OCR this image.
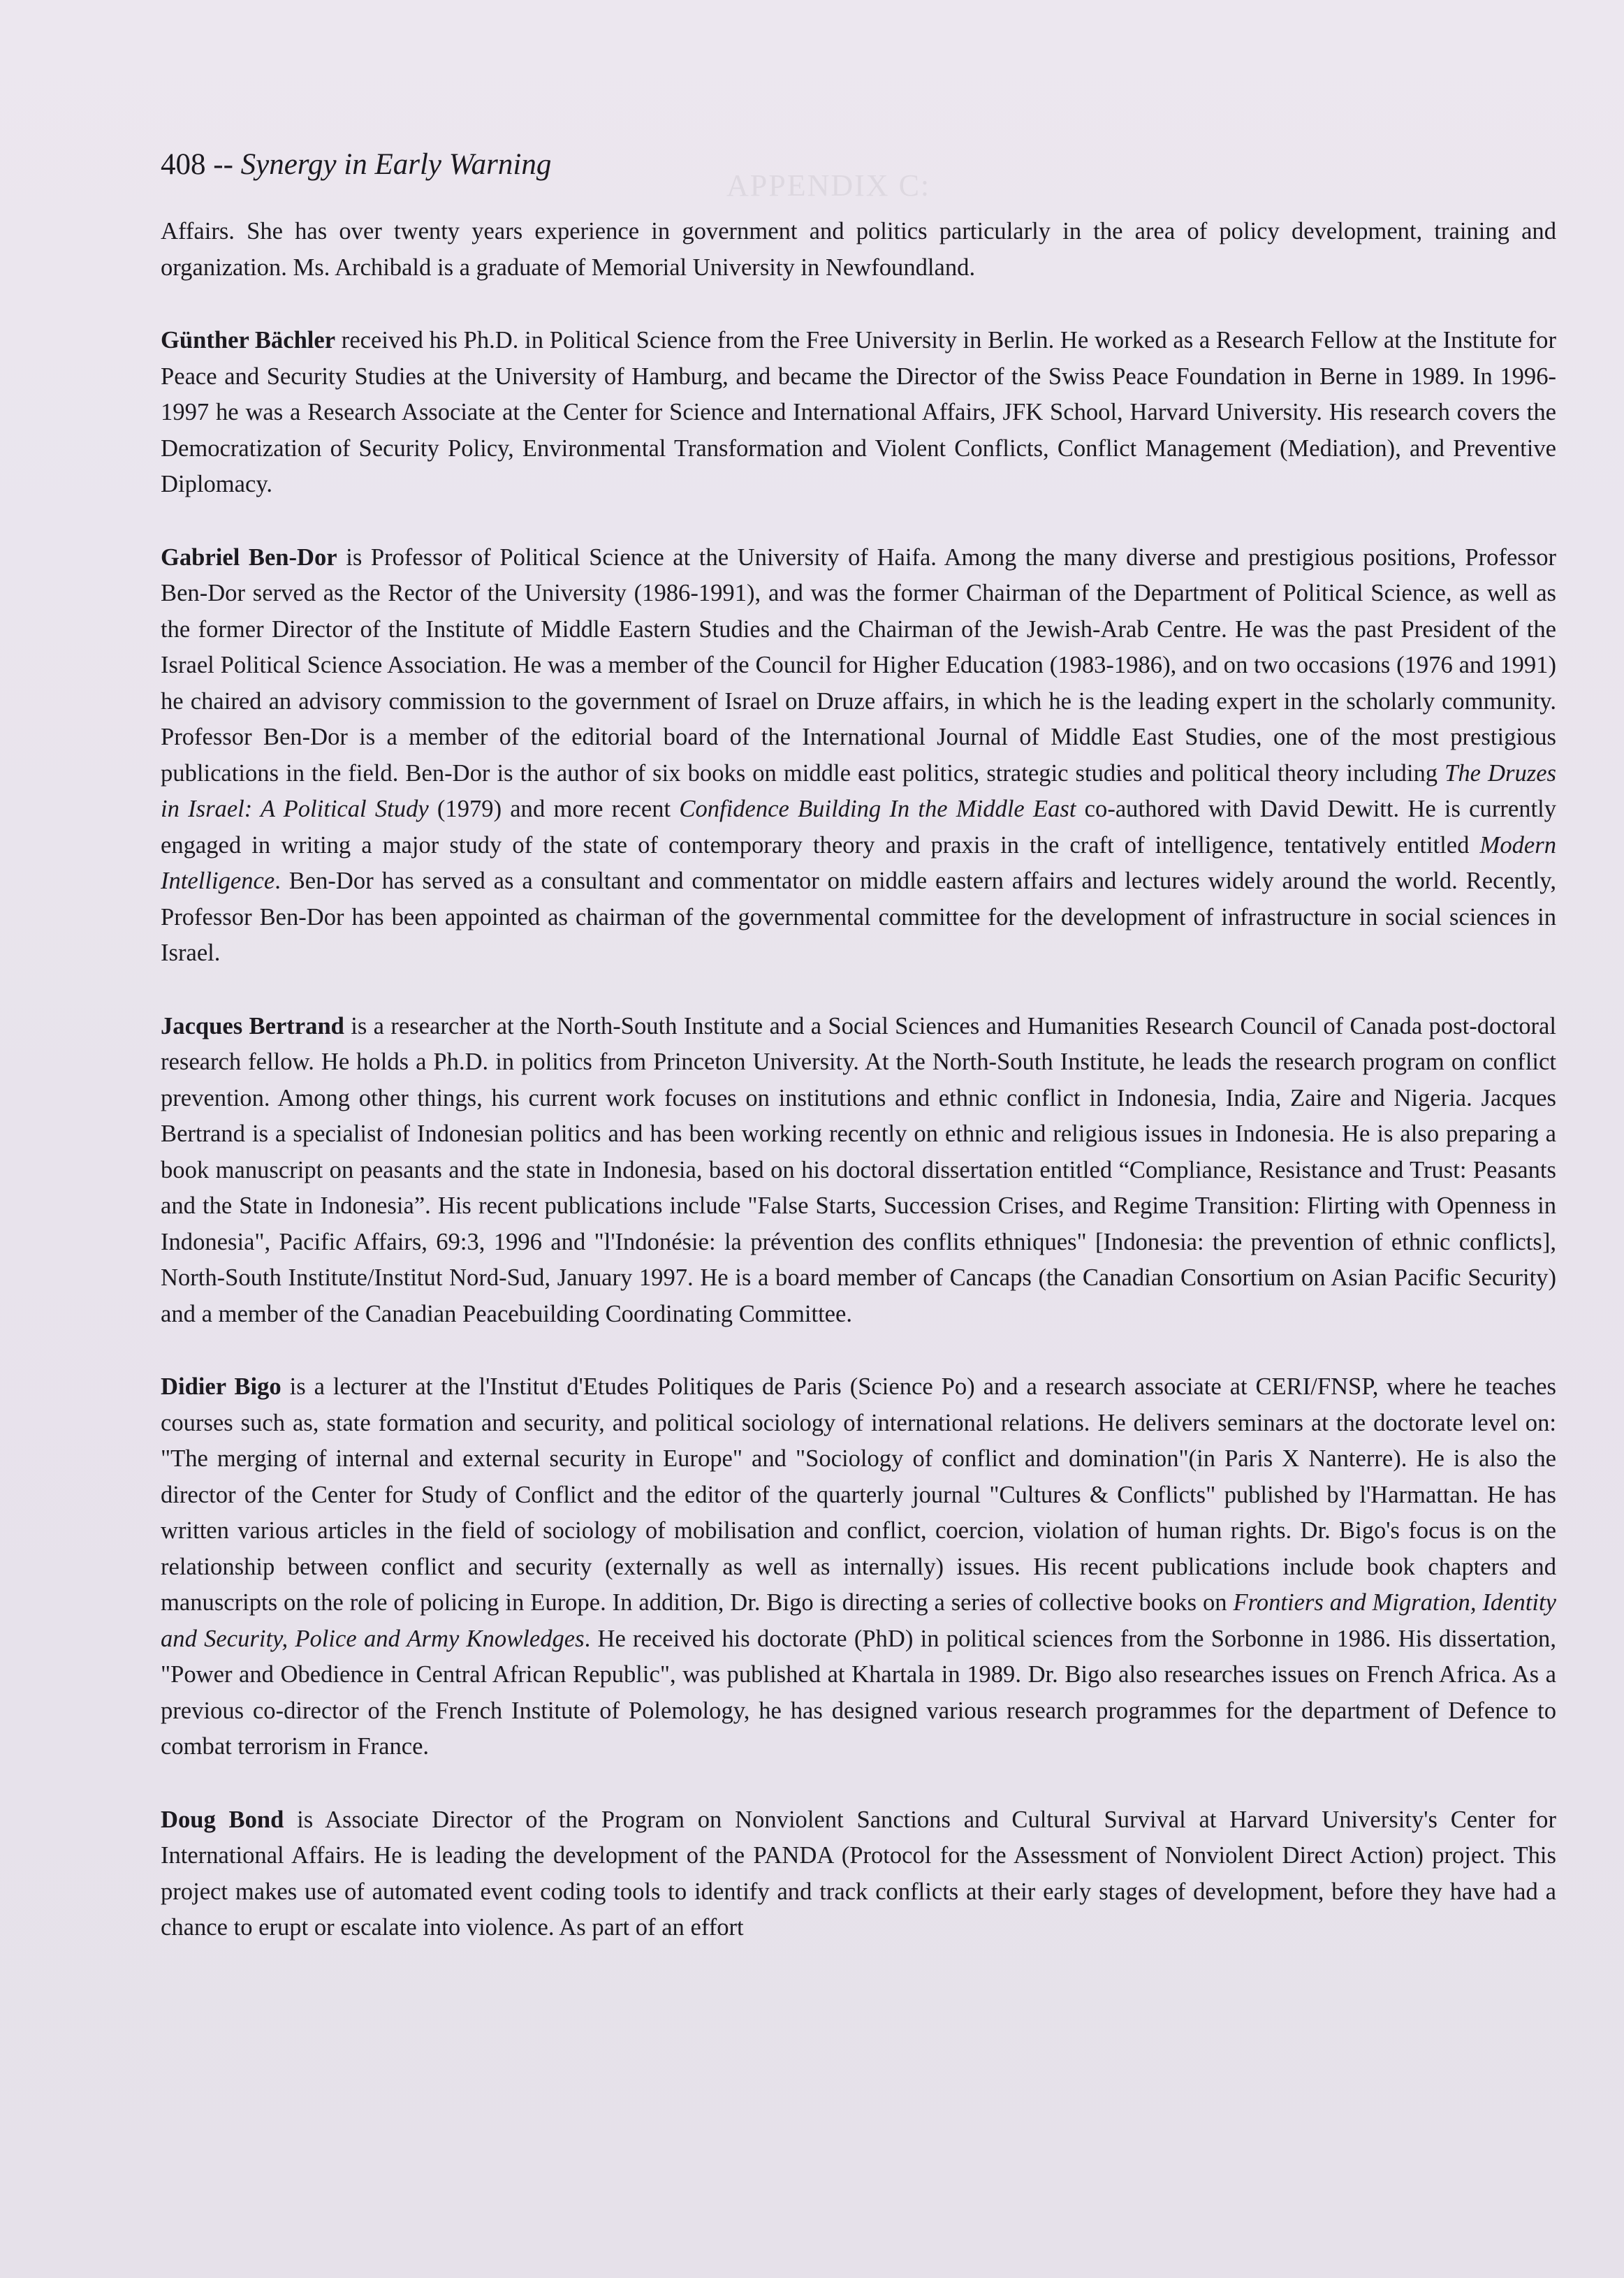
APPENDIX C:
408 -- Synergy in Early Warning

Affairs. She has over twenty years experience in government and politics particularly in the area of policy development, training and organization. Ms. Archibald is a graduate of Memorial University in Newfoundland.

Günther Bächler received his Ph.D. in Political Science from the Free University in Berlin. He worked as a Research Fellow at the Institute for Peace and Security Studies at the University of Hamburg, and became the Director of the Swiss Peace Foundation in Berne in 1989. In 1996-1997 he was a Research Associate at the Center for Science and International Affairs, JFK School, Harvard University. His research covers the Democratization of Security Policy, Environmental Transformation and Violent Conflicts, Conflict Management (Mediation), and Preventive Diplomacy.

Gabriel Ben-Dor is Professor of Political Science at the University of Haifa. Among the many diverse and prestigious positions, Professor Ben-Dor served as the Rector of the University (1986-1991), and was the former Chairman of the Department of Political Science, as well as the former Director of the Institute of Middle Eastern Studies and the Chairman of the Jewish-Arab Centre. He was the past President of the Israel Political Science Association. He was a member of the Council for Higher Education (1983-1986), and on two occasions (1976 and 1991) he chaired an advisory commission to the government of Israel on Druze affairs, in which he is the leading expert in the scholarly community. Professor Ben-Dor is a member of the editorial board of the International Journal of Middle East Studies, one of the most prestigious publications in the field. Ben-Dor is the author of six books on middle east politics, strategic studies and political theory including The Druzes in Israel: A Political Study (1979) and more recent Confidence Building In the Middle East co-authored with David Dewitt. He is currently engaged in writing a major study of the state of contemporary theory and praxis in the craft of intelligence, tentatively entitled Modern Intelligence. Ben-Dor has served as a consultant and commentator on middle eastern affairs and lectures widely around the world. Recently, Professor Ben-Dor has been appointed as chairman of the governmental committee for the development of infrastructure in social sciences in Israel.

Jacques Bertrand is a researcher at the North-South Institute and a Social Sciences and Humanities Research Council of Canada post-doctoral research fellow. He holds a Ph.D. in politics from Princeton University. At the North-South Institute, he leads the research program on conflict prevention. Among other things, his current work focuses on institutions and ethnic conflict in Indonesia, India, Zaire and Nigeria. Jacques Bertrand is a specialist of Indonesian politics and has been working recently on ethnic and religious issues in Indonesia. He is also preparing a book manuscript on peasants and the state in Indonesia, based on his doctoral dissertation entitled “Compliance, Resistance and Trust: Peasants and the State in Indonesia”. His recent publications include "False Starts, Succession Crises, and Regime Transition: Flirting with Openness in Indonesia", Pacific Affairs, 69:3, 1996 and "l'Indonésie: la prévention des conflits ethniques" [Indonesia: the prevention of ethnic conflicts], North-South Institute/Institut Nord-Sud, January 1997. He is a board member of Cancaps (the Canadian Consortium on Asian Pacific Security) and a member of the Canadian Peacebuilding Coordinating Committee.

Didier Bigo is a lecturer at the l'Institut d'Etudes Politiques de Paris (Science Po) and a research associate at CERI/FNSP, where he teaches courses such as, state formation and security, and political sociology of international relations. He delivers seminars at the doctorate level on: "The merging of internal and external security in Europe" and "Sociology of conflict and domination"(in Paris X Nanterre). He is also the director of the Center for Study of Conflict and the editor of the quarterly journal "Cultures & Conflicts" published by l'Harmattan. He has written various articles in the field of sociology of mobilisation and conflict, coercion, violation of human rights. Dr. Bigo's focus is on the relationship between conflict and security (externally as well as internally) issues. His recent publications include book chapters and manuscripts on the role of policing in Europe. In addition, Dr. Bigo is directing a series of collective books on Frontiers and Migration, Identity and Security, Police and Army Knowledges. He received his doctorate (PhD) in political sciences from the Sorbonne in 1986. His dissertation, "Power and Obedience in Central African Republic", was published at Khartala in 1989. Dr. Bigo also researches issues on French Africa. As a previous co-director of the French Institute of Polemology, he has designed various research programmes for the department of Defence to combat terrorism in France.

Doug Bond is Associate Director of the Program on Nonviolent Sanctions and Cultural Survival at Harvard University's Center for International Affairs. He is leading the development of the PANDA (Protocol for the Assessment of Nonviolent Direct Action) project. This project makes use of automated event coding tools to identify and track conflicts at their early stages of development, before they have had a chance to erupt or escalate into violence. As part of an effort
